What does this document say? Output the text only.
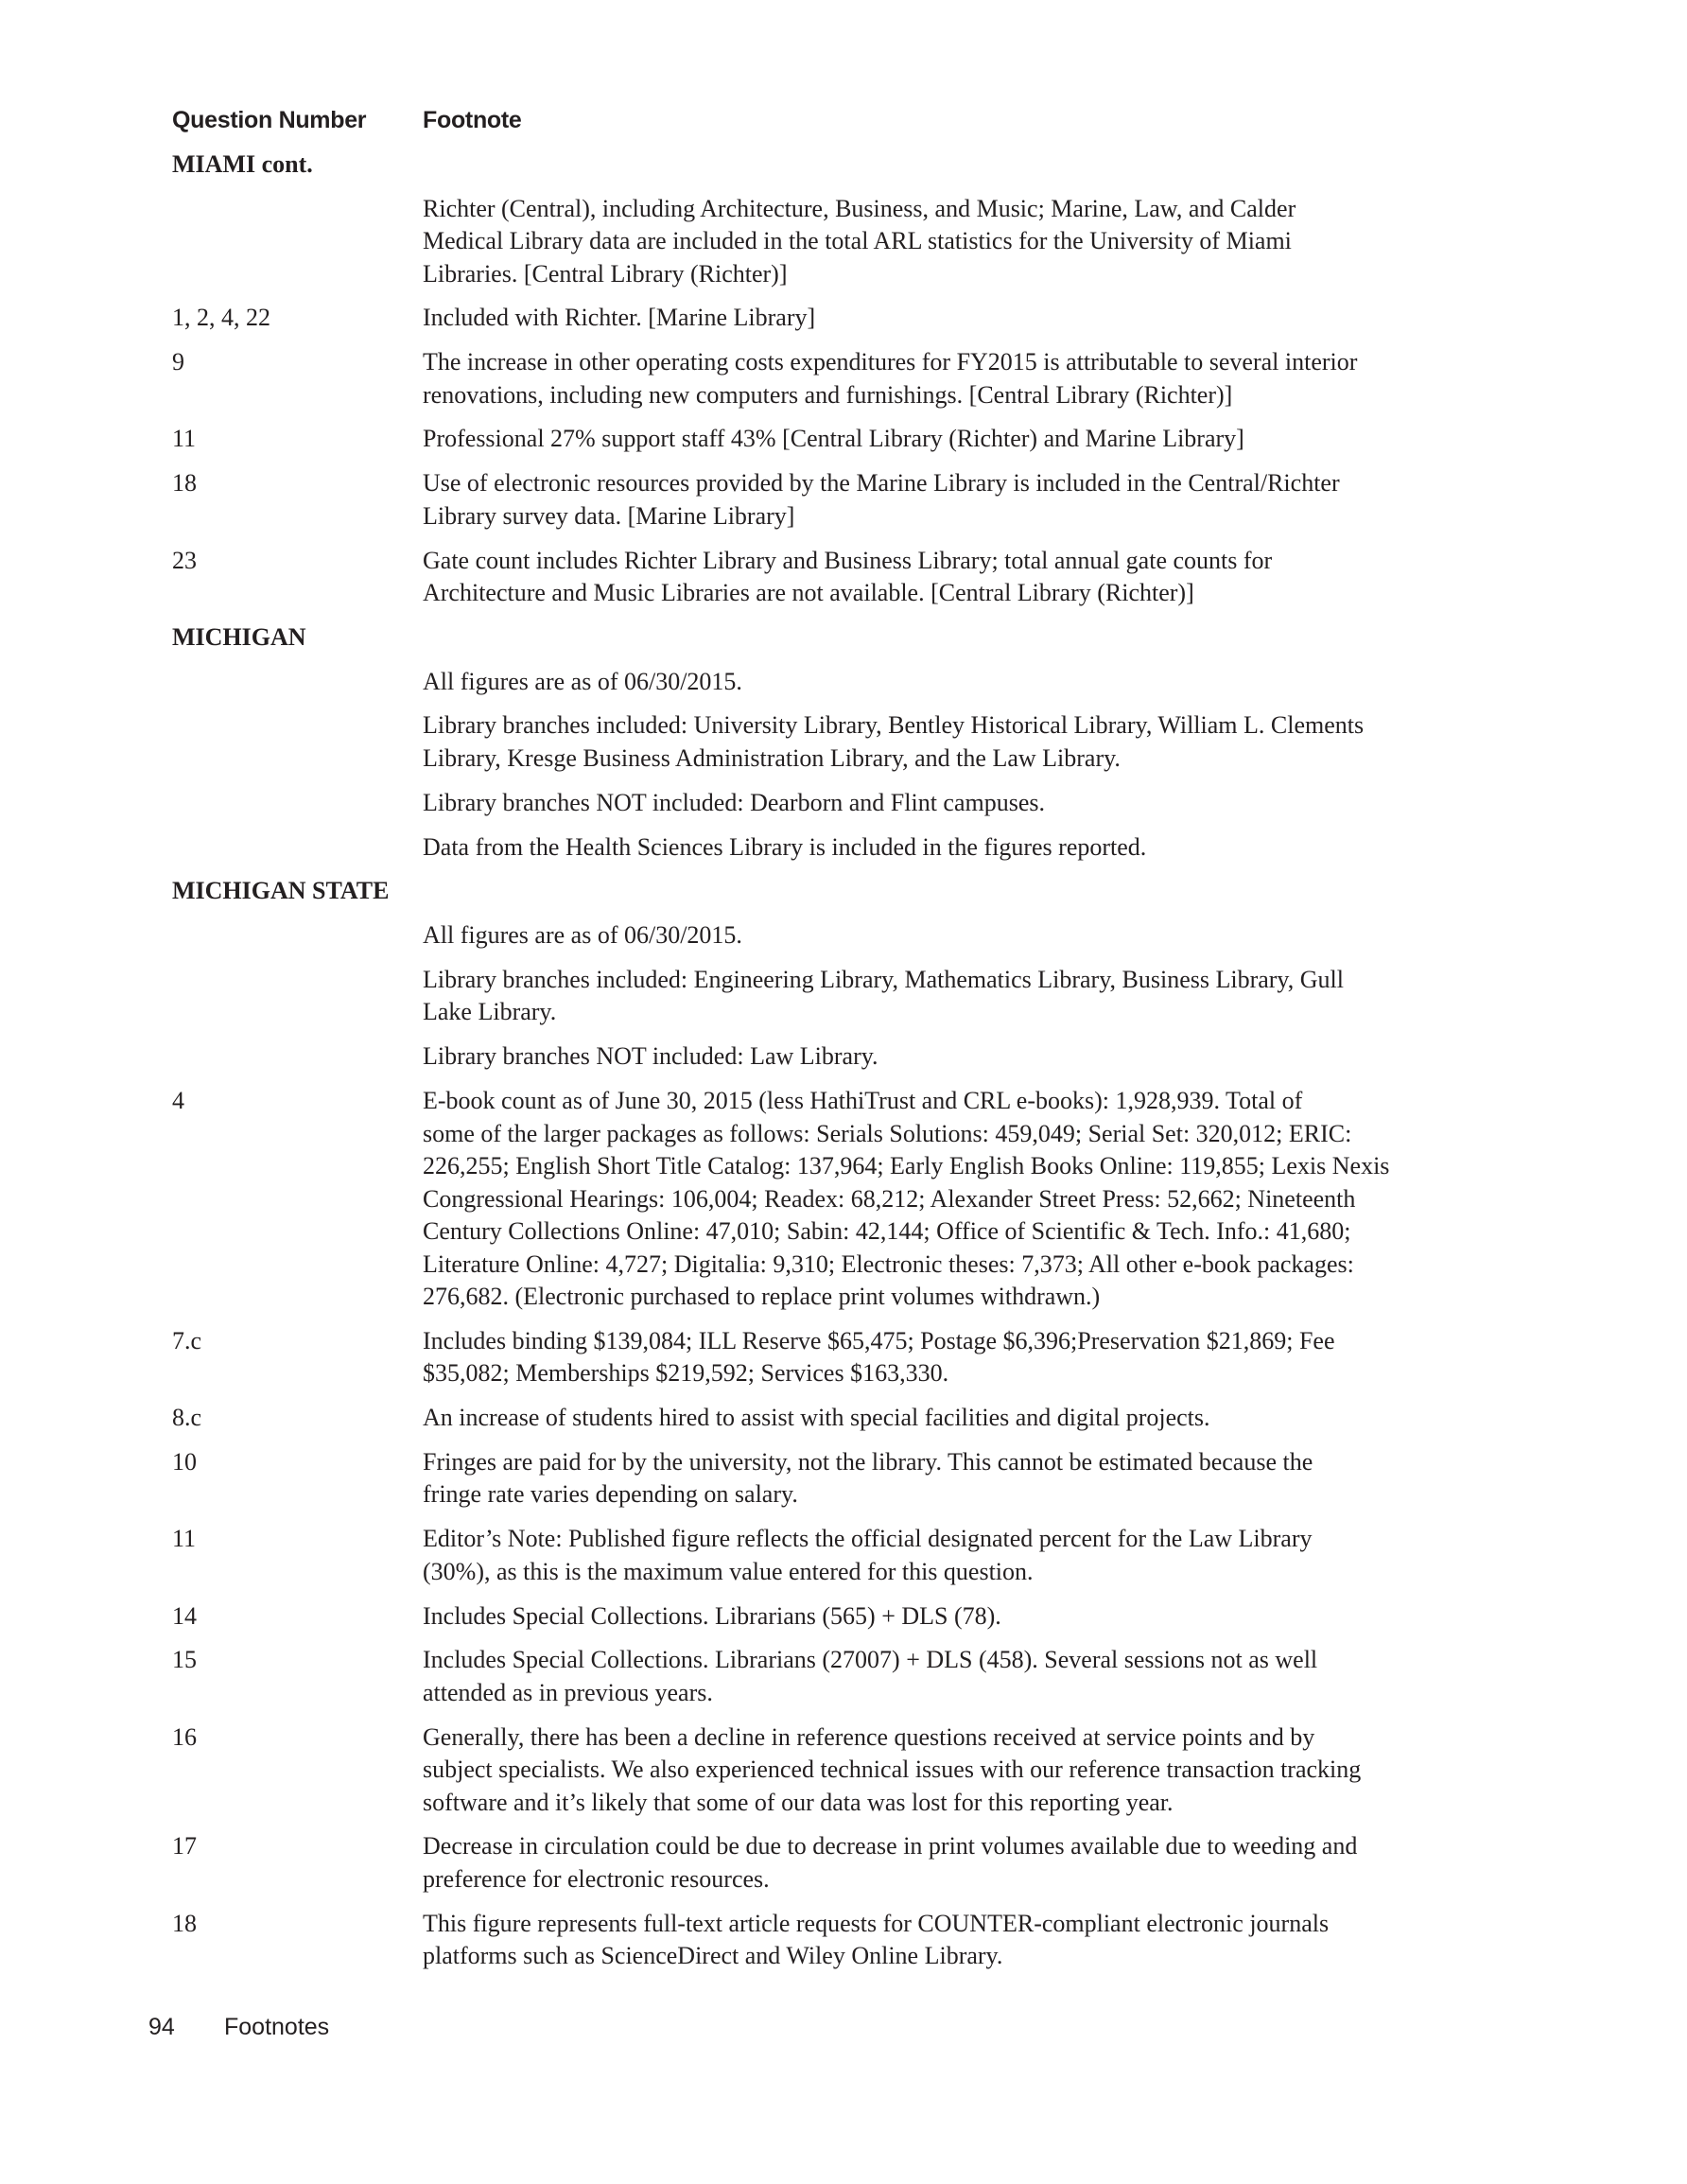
Question Number	Footnote
MIAMI cont.
Richter (Central), including Architecture, Business, and Music; Marine, Law, and Calder
Medical Library data are included in the total ARL statistics for the University of Miami
Libraries. [Central Library (Richter)]
1, 2, 4, 22	Included with Richter. [Marine Library]
9	The increase in other operating costs expenditures for FY2015 is attributable to several interior
renovations, including new computers and furnishings. [Central Library (Richter)]
11	Professional 27% support staff 43% [Central Library (Richter) and Marine Library]
18	Use of electronic resources provided by the Marine Library is included in the Central/Richter
Library survey data. [Marine Library]
23	Gate count includes Richter Library and Business Library; total annual gate counts for
Architecture and Music Libraries are not available. [Central Library (Richter)]
MICHIGAN
All figures are as of 06/30/2015.
Library branches included: University Library, Bentley Historical Library, William L. Clements
Library, Kresge Business Administration Library, and the Law Library.
Library branches NOT included: Dearborn and Flint campuses.
Data from the Health Sciences Library is included in the figures reported.
MICHIGAN STATE
All figures are as of 06/30/2015.
Library branches included: Engineering Library, Mathematics Library, Business Library, Gull
Lake Library.
Library branches NOT included: Law Library.
4	E-book count as of June 30, 2015 (less HathiTrust and CRL e-books): 1,928,939. Total of
some of the larger packages as follows: Serials Solutions: 459,049; Serial Set: 320,012; ERIC:
226,255; English Short Title Catalog: 137,964; Early English Books Online: 119,855; Lexis Nexis
Congressional Hearings: 106,004; Readex: 68,212; Alexander Street Press: 52,662; Nineteenth
Century Collections Online: 47,010; Sabin: 42,144; Office of Scientific & Tech. Info.: 41,680;
Literature Online: 4,727; Digitalia: 9,310; Electronic theses: 7,373; All other e-book packages:
276,682. (Electronic purchased to replace print volumes withdrawn.)
7.c	Includes binding $139,084; ILL Reserve $65,475; Postage $6,396;Preservation $21,869; Fee
$35,082; Memberships $219,592; Services $163,330.
8.c	An increase of students hired to assist with special facilities and digital projects.
10	Fringes are paid for by the university, not the library. This cannot be estimated because the
fringe rate varies depending on salary.
11	Editor’s Note: Published figure reflects the official designated percent for the Law Library
(30%), as this is the maximum value entered for this question.
14	Includes Special Collections. Librarians (565) + DLS (78).
15	Includes Special Collections. Librarians (27007) + DLS (458). Several sessions not as well
attended as in previous years.
16	Generally, there has been a decline in reference questions received at service points and by
subject specialists. We also experienced technical issues with our reference transaction tracking
software and it’s likely that some of our data was lost for this reporting year.
17	Decrease in circulation could be due to decrease in print volumes available due to weeding and
preference for electronic resources.
18	This figure represents full-text article requests for COUNTER-compliant electronic journals
platforms such as ScienceDirect and Wiley Online Library.
94	Footnotes
